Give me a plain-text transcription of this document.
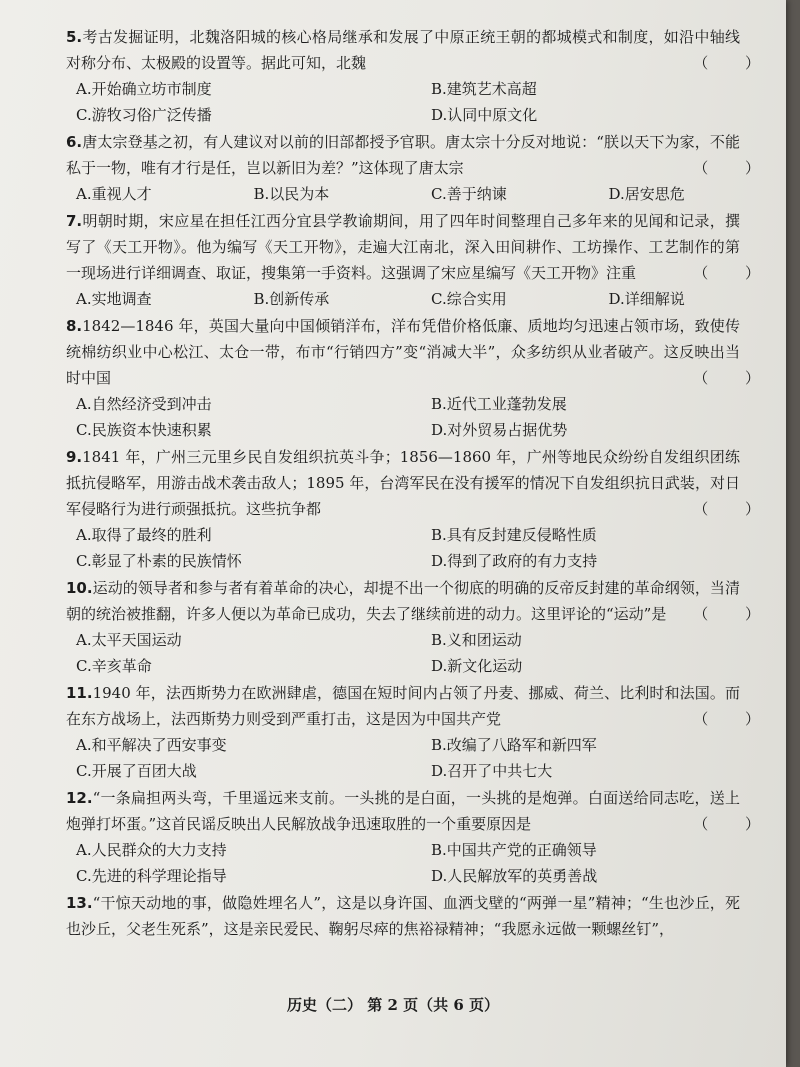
5.考古发掘证明，北魏洛阳城的核心格局继承和发展了中原正统王朝的都城模式和制度，如沿中轴线对称分布、太极殿的设置等。据此可知，北魏	（ ）
A.开始确立坊市制度	B.建筑艺术高超
C.游牧习俗广泛传播	D.认同中原文化
6.唐太宗登基之初，有人建议对以前的旧部都授予官职。唐太宗十分反对地说：“朕以天下为家，不能私于一物，唯有才行是任，岂以新旧为差？”这体现了唐太宗	（ ）
A.重视人才	B.以民为本	C.善于纳谏	D.居安思危
7.明朝时期，宋应星在担任江西分宜县学教谕期间，用了四年时间整理自己多年来的见闻和记录，撰写了《天工开物》。他为编写《天工开物》，走遍大江南北，深入田间耕作、工坊操作、工艺制作的第一现场进行详细调查、取证，搜集第一手资料。这强调了宋应星编写《天工开物》注重	（ ）
A.实地调查	B.创新传承	C.综合实用	D.详细解说
8.1842—1846 年，英国大量向中国倾销洋布，洋布凭借价格低廉、质地均匀迅速占领市场，致使传统棉纺织业中心松江、太仓一带，布市“行销四方”变“消减大半”，众多纺织从业者破产。这反映出当时中国	（ ）
A.自然经济受到冲击	B.近代工业蓬勃发展
C.民族资本快速积累	D.对外贸易占据优势
9.1841 年，广州三元里乡民自发组织抗英斗争；1856—1860 年，广州等地民众纷纷自发组织团练抵抗侵略军，用游击战术袭击敌人；1895 年，台湾军民在没有援军的情况下自发组织抗日武装，对日军侵略行为进行顽强抵抗。这些抗争都	（ ）
A.取得了最终的胜利	B.具有反封建反侵略性质
C.彰显了朴素的民族情怀	D.得到了政府的有力支持
10.运动的领导者和参与者有着革命的决心，却提不出一个彻底的明确的反帝反封建的革命纲领，当清朝的统治被推翻，许多人便以为革命已成功，失去了继续前进的动力。这里评论的“运动”是 （ ）
A.太平天国运动	B.义和团运动
C.辛亥革命	D.新文化运动
11.1940 年，法西斯势力在欧洲肆虐，德国在短时间内占领了丹麦、挪威、荷兰、比利时和法国。而在东方战场上，法西斯势力则受到严重打击，这是因为中国共产党	（ ）
A.和平解决了西安事变	B.改编了八路军和新四军
C.开展了百团大战	D.召开了中共七大
12.“一条扁担两头弯，千里遥远来支前。一头挑的是白面，一头挑的是炮弹。白面送给同志吃，送上炮弹打坏蛋。”这首民谣反映出人民解放战争迅速取胜的一个重要原因是	（ ）
A.人民群众的大力支持	B.中国共产党的正确领导
C.先进的科学理论指导	D.人民解放军的英勇善战
13.“干惊天动地的事，做隐姓埋名人”，这是以身许国、血洒戈壁的“两弹一星”精神；“生也沙丘，死也沙丘，父老生死系”，这是亲民爱民、鞠躬尽瘁的焦裕禄精神；“我愿永远做一颗螺丝钉”，
历史（二） 第 2 页（共 6 页）
